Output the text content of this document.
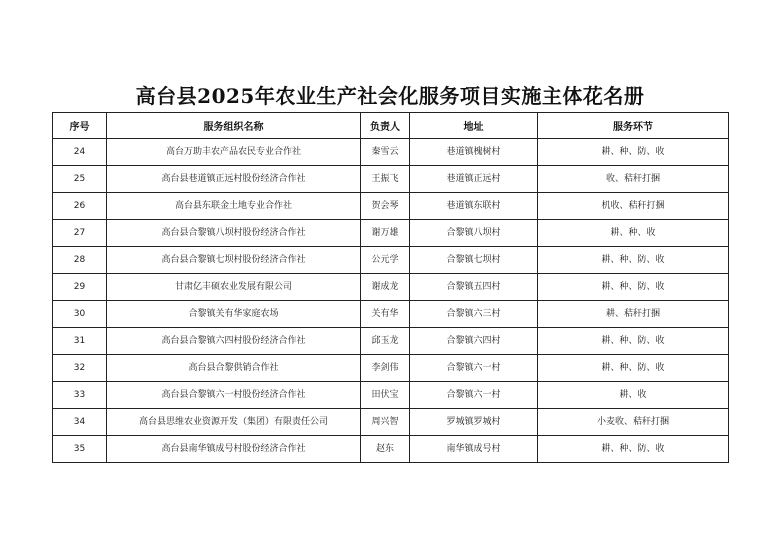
高台县2025年农业生产社会化服务项目实施主体花名册
序号	服务组织名称	负责人	地址	服务环节
24	高台万助丰农产品农民专业合作社	秦雪云	巷道镇槐树村	耕、种、防、收
25	高台县巷道镇正远村股份经济合作社	王振飞	巷道镇正远村	收、秸秆打捆
26	高台县东联金土地专业合作社	贺会琴	巷道镇东联村	机收、秸秆打捆
27	高台县合黎镇八坝村股份经济合作社	谢万雄	合黎镇八坝村	耕、种、收
28	高台县合黎镇七坝村股份经济合作社	公元学	合黎镇七坝村	耕、种、防、收
29	甘肃亿丰硕农业发展有限公司	谢成龙	合黎镇五四村	耕、种、防、收
30	合黎镇关有华家庭农场	关有华	合黎镇六三村	耕、秸秆打捆
31	高台县合黎镇六四村股份经济合作社	邱玉龙	合黎镇六四村	耕、种、防、收
32	高台县合黎供销合作社	李剑伟	合黎镇六一村	耕、种、防、收
33	高台县合黎镇六一村股份经济合作社	田伏宝	合黎镇六一村	耕、收
34	高台县思维农业资源开发（集团）有限责任公司	周兴智	罗城镇罗城村	小麦收、秸秆打捆
35	高台县南华镇成号村股份经济合作社	赵东	南华镇成号村	耕、种、防、收
